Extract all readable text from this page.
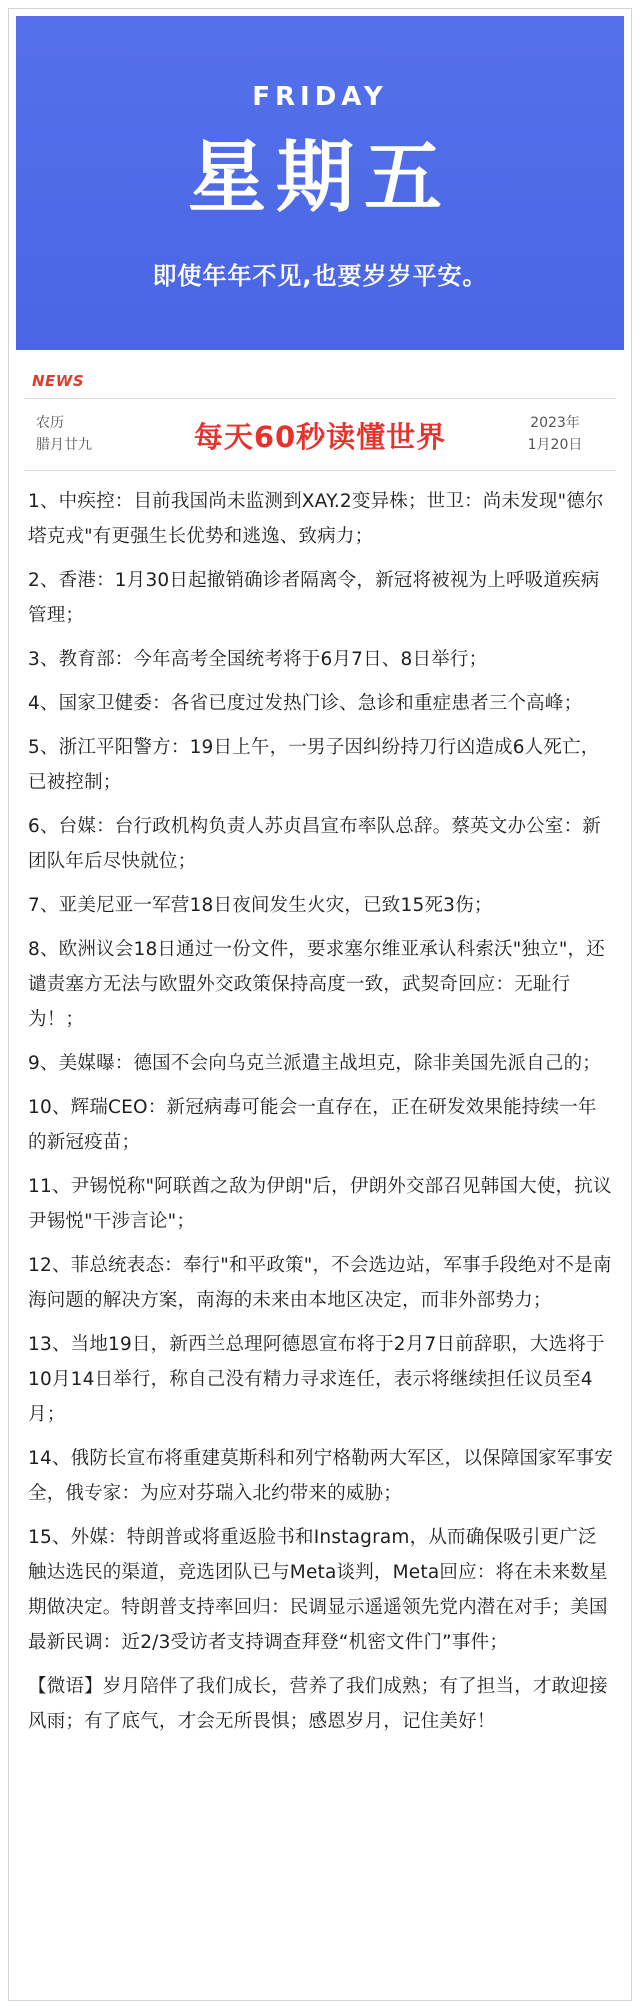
FRIDAY
星期五
即使年年不见,也要岁岁平安。
NEWS
农历
腊月廿九	每天60秒读懂世界	2023年
1月20日
1、中疾控：目前我国尚未监测到XAY.2变异株；世卫：尚未发现"德尔塔克戎"有更强生长优势和逃逸、致病力；
2、香港：1月30日起撤销确诊者隔离令，新冠将被视为上呼吸道疾病管理；
3、教育部：今年高考全国统考将于6月7日、8日举行；
4、国家卫健委：各省已度过发热门诊、急诊和重症患者三个高峰；
5、浙江平阳警方：19日上午，一男子因纠纷持刀行凶造成6人死亡，已被控制；
6、台媒：台行政机构负责人苏贞昌宣布率队总辞。蔡英文办公室：新团队年后尽快就位；
7、亚美尼亚一军营18日夜间发生火灾，已致15死3伤；
8、欧洲议会18日通过一份文件，要求塞尔维亚承认科索沃"独立"，还谴责塞方无法与欧盟外交政策保持高度一致，武契奇回应：无耻行为！；
9、美媒曝：德国不会向乌克兰派遣主战坦克，除非美国先派自己的；
10、辉瑞CEO：新冠病毒可能会一直存在，正在研发效果能持续一年的新冠疫苗；
11、尹锡悦称"阿联酋之敌为伊朗"后，伊朗外交部召见韩国大使，抗议尹锡悦"干涉言论"；
12、菲总统表态：奉行"和平政策"，不会选边站，军事手段绝对不是南海问题的解决方案，南海的未来由本地区决定，而非外部势力；
13、当地19日，新西兰总理阿德恩宣布将于2月7日前辞职，大选将于10月14日举行，称自己没有精力寻求连任，表示将继续担任议员至4月；
14、俄防长宣布将重建莫斯科和列宁格勒两大军区，以保障国家军事安全，俄专家：为应对芬瑞入北约带来的威胁；
15、外媒：特朗普或将重返脸书和Instagram，从而确保吸引更广泛触达选民的渠道，竞选团队已与Meta谈判，Meta回应：将在未来数星期做决定。特朗普支持率回归：民调显示遥遥领先党内潜在对手；美国最新民调：近2/3受访者支持调查拜登“机密文件门”事件；
【微语】岁月陪伴了我们成长，营养了我们成熟；有了担当，才敢迎接风雨；有了底气，才会无所畏惧；感恩岁月，记住美好！
